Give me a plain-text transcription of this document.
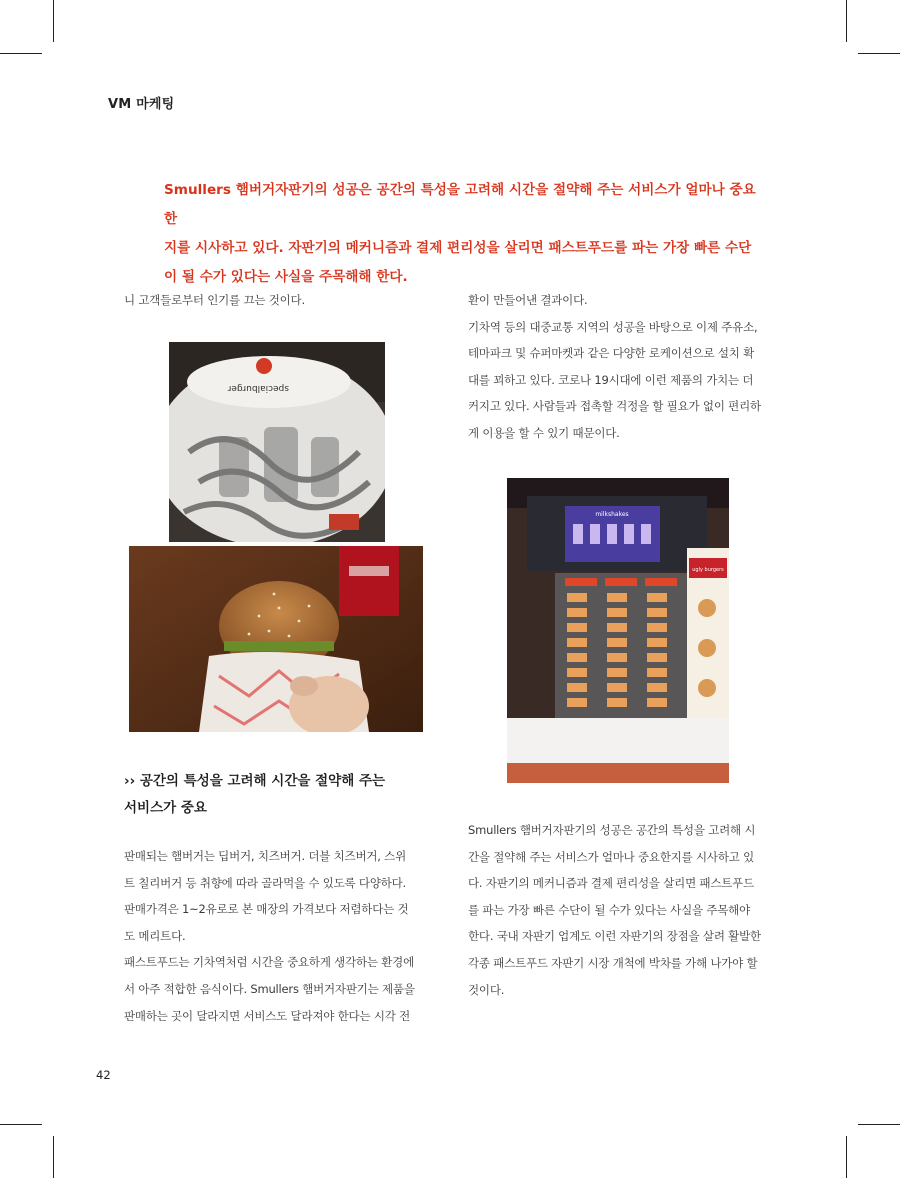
VM 마케팅
Smullers 햄버거자판기의 성공은 공간의 특성을 고려해 시간을 절약해 주는 서비스가 얼마나 중요한
지를 시사하고 있다. 자판기의 메커니즘과 결제 편리성을 살리면 패스트푸드를 파는 가장 빠른 수단
이 될 수가 있다는 사실을 주목해해 한다.
니 고객들로부터 인기를 끄는 것이다.
specialburger
›› 공간의 특성을 고려해 시간을 절약해 주는
서비스가 중요
판매되는 햄버거는 딥버거, 치즈버거. 더블 치즈버거, 스위
트 칠리버거 등 취향에 따라 골라먹을 수 있도록 다양하다.
판매가격은 1~2유로로 본 매장의 가격보다 저렴하다는 것
도 메리트다.
패스트푸드는 기차역처럼 시간을 중요하게 생각하는 환경에
서 아주 적합한 음식이다. Smullers 햄버거자판기는 제품을
판매하는 곳이 달라지면 서비스도 달라져야 한다는 시각 전
환이 만들어낸 결과이다.
기차역 등의 대중교통 지역의 성공을 바탕으로 이제 주유소,
테마파크 및 슈퍼마켓과 같은 다양한 로케이션으로 설치 확
대를 꾀하고 있다. 코로나 19시대에 이런 제품의 가치는 더
커지고 있다. 사람들과 접촉할 걱정을 할 필요가 없이 편리하
게 이용을 할 수 있기 때문이다.
milkshakes
ugly burgers
Smullers 햄버거자판기의 성공은 공간의 특성을 고려해 시
간을 절약해 주는 서비스가 얼마나 중요한지를 시사하고 있
다. 자판기의 메커니즘과 결제 편리성을 살리면 패스트푸드
를 파는 가장 빠른 수단이 될 수가 있다는 사실을 주목해야
한다. 국내 자판기 업계도 이런 자판기의 장점을 살려 활발한
각종 패스트푸드 자판기 시장 개척에 박차를 가해 나가야 할
것이다.
42
